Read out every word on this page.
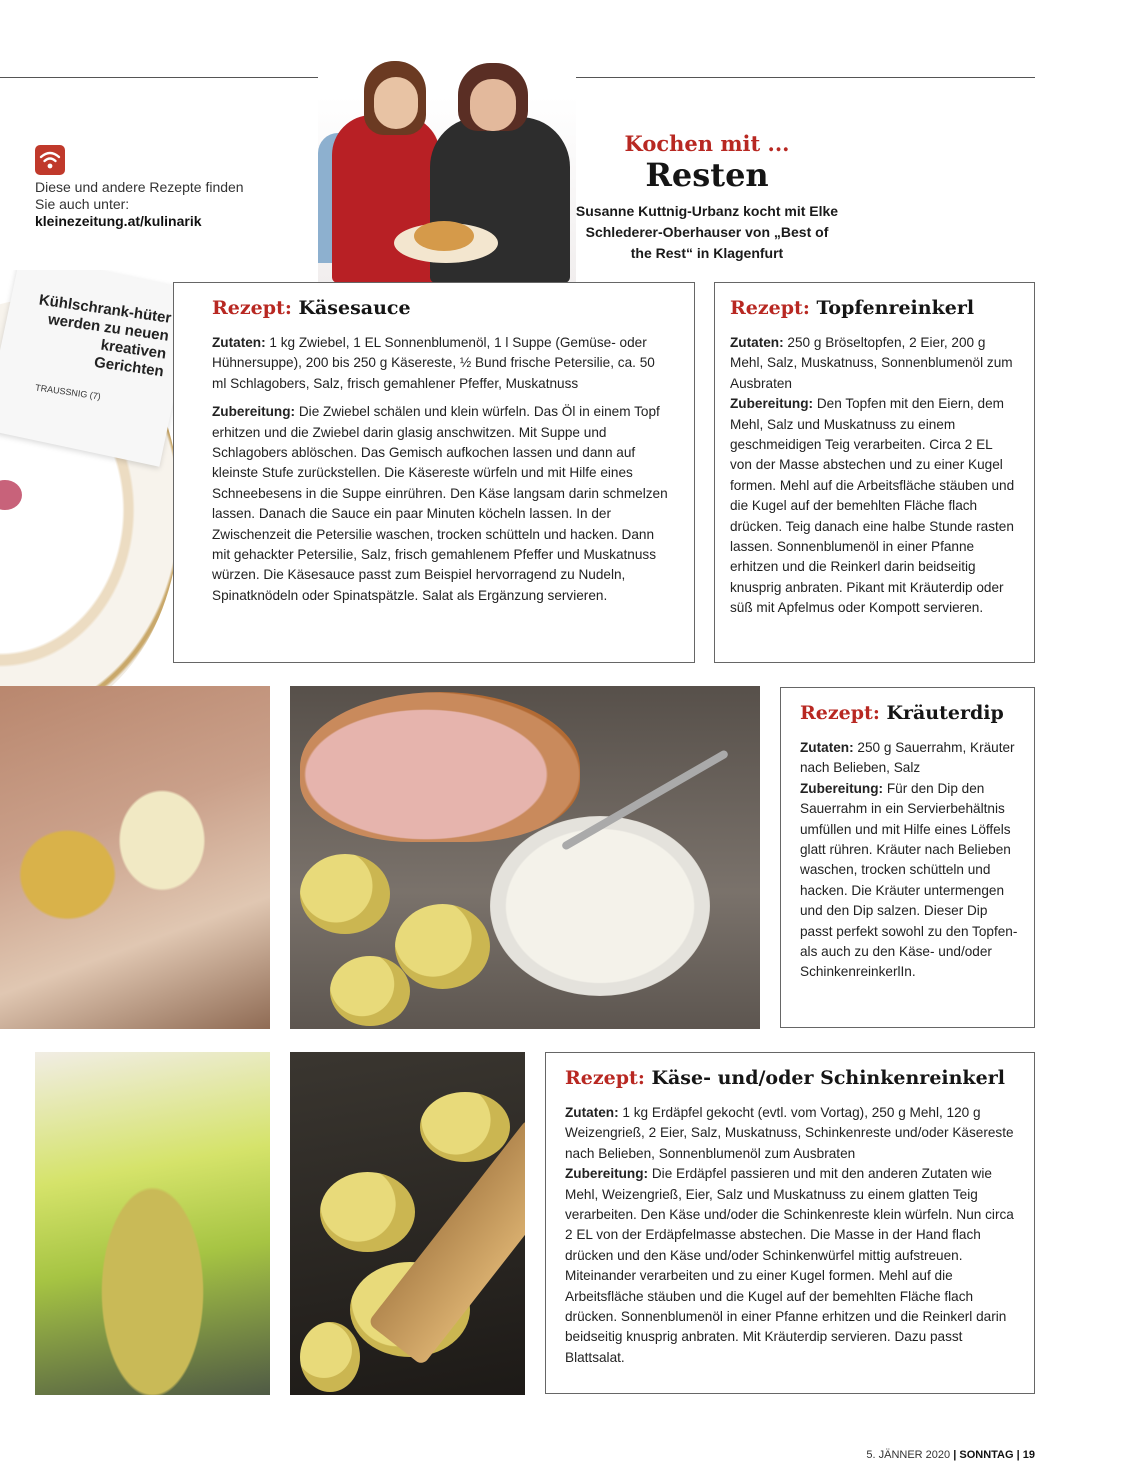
Diese und andere Rezepte finden Sie auch unter:
kleinezeitung.at/kulinarik
Kochen mit ...
Resten
Susanne Kuttnig-Urbanz kocht mit Elke Schlederer-Oberhauser von „Best of the Rest“ in Klagenfurt
Kühlschrank-hüter werden zu neuen kreativen Gerichten
TRAUSSNIG (7)
Rezept: Käsesauce

Zutaten: 1 kg Zwiebel, 1 EL Sonnenblumenöl, 1 l Suppe (Gemüse- oder Hühnersuppe), 200 bis 250 g Käsereste, ½ Bund frische Petersilie, ca. 50 ml Schlagobers, Salz, frisch gemahlener Pfeffer, Muskatnuss

Zubereitung: Die Zwiebel schälen und klein würfeln. Das Öl in einem Topf erhitzen und die Zwiebel darin glasig anschwitzen. Mit Suppe und Schlagobers ablöschen. Das Gemisch aufkochen lassen und dann auf kleinste Stufe zurückstellen. Die Käsereste würfeln und mit Hilfe eines Schneebesens in die Suppe einrühren. Den Käse langsam darin schmelzen lassen. Danach die Sauce ein paar Minuten köcheln lassen. In der Zwischenzeit die Petersilie waschen, trocken schütteln und hacken. Dann mit gehackter Petersilie, Salz, frisch gemahlenem Pfeffer und Muskatnuss würzen. Die Käsesauce passt zum Beispiel hervorragend zu Nudeln, Spinatknödeln oder Spinatspätzle. Salat als Ergänzung servieren.

Rezept: Topfenreinkerl

Zutaten: 250 g Bröseltopfen, 2 Eier, 200 g Mehl, Salz, Muskatnuss, Sonnenblumenöl zum Ausbraten

Zubereitung: Den Topfen mit den Eiern, dem Mehl, Salz und Muskatnuss zu einem geschmeidigen Teig verarbeiten. Circa 2 EL von der Masse abstechen und zu einer Kugel formen. Mehl auf die Arbeitsfläche stäuben und die Kugel auf der bemehlten Fläche flach drücken. Teig danach eine halbe Stunde rasten lassen. Sonnenblumenöl in einer Pfanne erhitzen und die Reinkerl darin beidseitig knusprig anbraten. Pikant mit Kräuterdip oder süß mit Apfelmus oder Kompott servieren.

Rezept: Kräuterdip

Zutaten: 250 g Sauerrahm, Kräuter nach Belieben, Salz

Zubereitung: Für den Dip den Sauerrahm in ein Servierbehältnis umfüllen und mit Hilfe eines Löffels glatt rühren. Kräuter nach Belieben waschen, trocken schütteln und hacken. Die Kräuter untermengen und den Dip salzen. Dieser Dip passt perfekt sowohl zu den Topfen- als auch zu den Käse- und/oder SchinkenreinkerlIn.

Rezept: Käse- und/oder Schinkenreinkerl

Zutaten: 1 kg Erdäpfel gekocht (evtl. vom Vortag), 250 g Mehl, 120 g Weizengrieß, 2 Eier, Salz, Muskatnuss, Schinkenreste und/oder Käsereste nach Belieben, Sonnenblumenöl zum Ausbraten

Zubereitung: Die Erdäpfel passieren und mit den anderen Zutaten wie Mehl, Weizengrieß, Eier, Salz und Muskatnuss zu einem glatten Teig verarbeiten. Den Käse und/oder die Schinkenreste klein würfeln. Nun circa 2 EL von der Erdäpfelmasse abstechen. Die Masse in der Hand flach drücken und den Käse und/oder Schinkenwürfel mittig aufstreuen. Miteinander verarbeiten und zu einer Kugel formen. Mehl auf die Arbeitsfläche stäuben und die Kugel auf der bemehlten Fläche flach drücken. Sonnenblumenöl in einer Pfanne erhitzen und die Reinkerl darin beidseitig knusprig anbraten. Mit Kräuterdip servieren. Dazu passt Blattsalat.

5. JÄNNER 2020 | SONNTAG | 19
